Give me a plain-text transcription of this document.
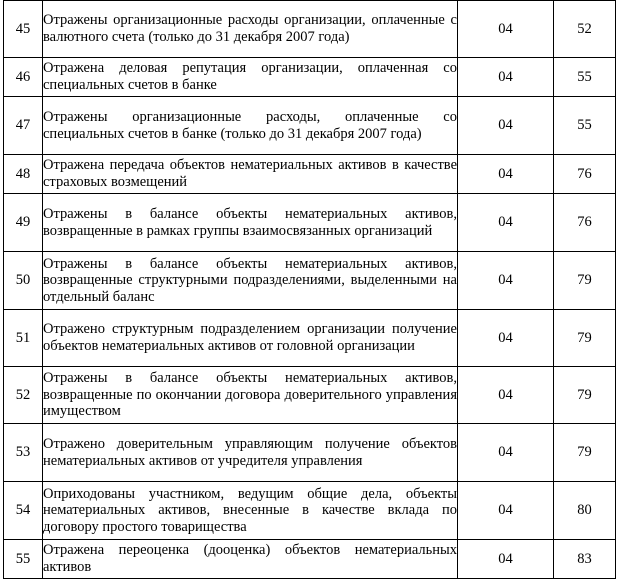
45	Отражены организационные расходы организации, оплаченные с валютного счета (только до 31 декабря 2007 года)	04	52
46	Отражена деловая репутация организации, оплаченная со специальных счетов в банке	04	55
47	Отражены организационные расходы, оплаченные со специальных счетов в банке (только до 31 декабря 2007 года)	04	55
48	Отражена передача объектов нематериальных активов в качестве страховых возмещений	04	76
49	Отражены в балансе объекты нематериальных активов, возвращенные в рамках группы взаимосвязанных организаций	04	76
50	Отражены в балансе объекты нематериальных активов, возвращенные структурными подразделениями, выделенными на отдельный баланс	04	79
51	Отражено структурным подразделением организации получение объектов нематериальных активов от головной организации	04	79
52	Отражены в балансе объекты нематериальных активов, возвращенные по окончании договора доверительного управления имуществом	04	79
53	Отражено доверительным управляющим получение объектов нематериальных активов от учредителя управления	04	79
54	Оприходованы участником, ведущим общие дела, объекты нематериальных активов, внесенные в качестве вклада по договору простого товарищества	04	80
55	Отражена переоценка (дооценка) объектов нематериальных активов	04	83
